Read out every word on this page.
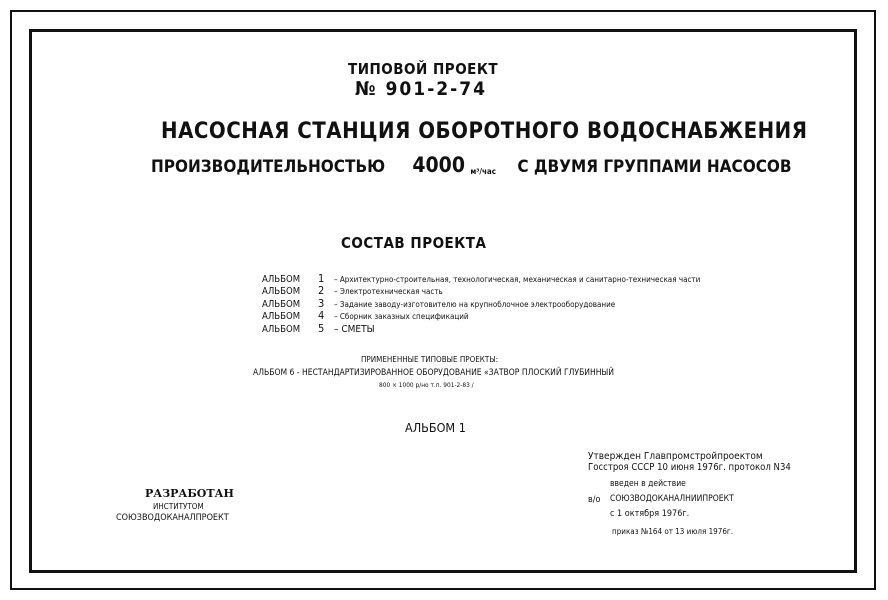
ТИПОВОЙ ПРОЕКТ
№ 901-2-74
НАСОСНАЯ СТАНЦИЯ ОБОРОТНОГО ВОДОСНАБЖЕНИЯ
ПРОИЗВОДИТЕЛЬНОСТЬЮ 4000 м³/час С ДВУМЯ ГРУППАМИ НАСОСОВ
СОСТАВ ПРОЕКТА
АЛЬБОМ	1	– Архитектурно-строительная, технологическая, механическая и санитарно-техническая части
АЛЬБОМ	2	– Электротехническая часть
АЛЬБОМ	3	– Задание заводу-изготовителю на крупноблочное электрооборудование
АЛЬБОМ	4	– Сборник заказных спецификаций
АЛЬБОМ	5 – СМЕТЫ
ПРИМЕНЕННЫЕ ТИПОВЫЕ ПРОЕКТЫ:
АЛЬБОМ 6 - НЕСТАНДАРТИЗИРОВАННОЕ ОБОРУДОВАНИЕ «ЗАТВОР ПЛОСКИЙ ГЛУБИННЫЙ
800 × 1000 р/но т.п. 901-2-83 /
АЛЬБОМ 1
Утвержден Главпромстройпроектом
Госстроя СССР 10 июня 1976г. протокол N34
введен в действие
в/о СОЮЗВОДОКАНАЛНИИПРОЕКТ
с 1 октября 1976г.
приказ №164 от 13 июля 1976г.
РАЗРАБОТАН
ИНСТИТУТОМ
СОЮЗВОДОКАНАЛПРОЕКТ
